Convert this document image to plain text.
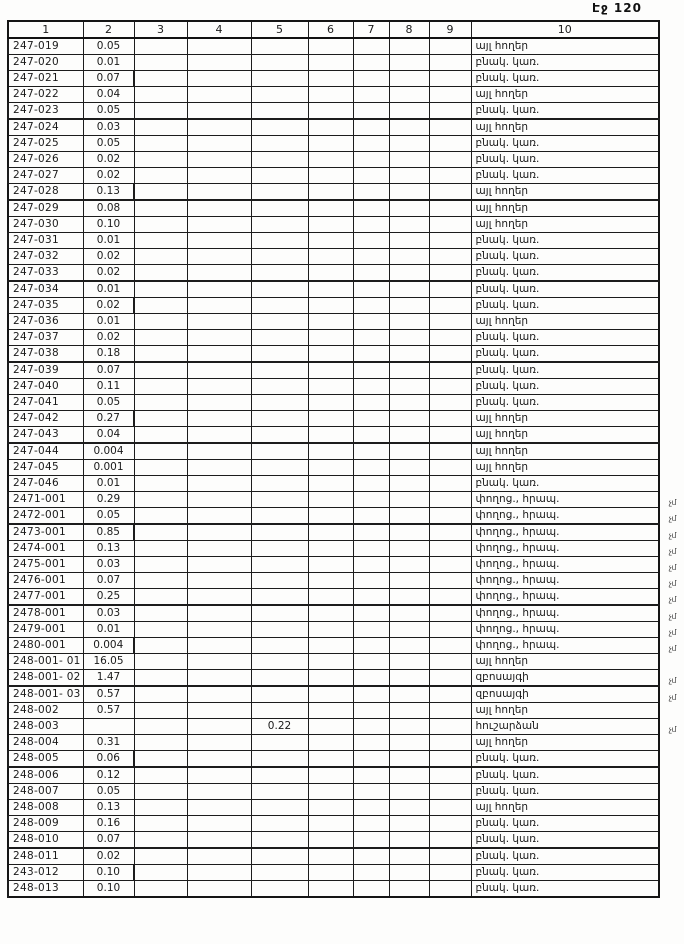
Էջ 120
1	2	3	4	5	6	7	8	9	10
247-019	0.05								այլ հողեր
247-020	0.01								բնակ. կառ.
247-021	0.07								բնակ. կառ.
247-022	0.04								այլ հողեր
247-023	0.05								բնակ. կառ.
247-024	0.03								այլ հողեր
247-025	0.05								բնակ. կառ.
247-026	0.02								բնակ. կառ.
247-027	0.02								բնակ. կառ.
247-028	0.13								այլ հողեր
247-029	0.08								այլ հողեր
247-030	0.10								այլ հողեր
247-031	0.01								բնակ. կառ.
247-032	0.02								բնակ. կառ.
247-033	0.02								բնակ. կառ.
247-034	0.01								բնակ. կառ.
247-035	0.02								բնակ. կառ.
247-036	0.01								այլ հողեր
247-037	0.02								բնակ. կառ.
247-038	0.18								բնակ. կառ.
247-039	0.07								բնակ. կառ.
247-040	0.11								բնակ. կառ.
247-041	0.05								բնակ. կառ.
247-042	0.27								այլ հողեր
247-043	0.04								այլ հողեր
247-044	0.004								այլ հողեր
247-045	0.001								այլ հողեր
247-046	0.01								բնակ. կառ.
2471-001	0.29								փողոց., հրապ. չմ

2472-001	0.05								փողոց., հրապ. չմ

2473-001	0.85								փողոց., հրապ. չմ

2474-001	0.13								փողոց., հրապ. չմ

2475-001	0.03								փողոց., հրապ. չմ

2476-001	0.07								փողոց., հրապ. չմ

2477-001	0.25								փողոց., հրապ. չմ

2478-001	0.03								փողոց., հրապ. չմ

2479-001	0.01								փողոց., հրապ. չմ

2480-001	0.004								փողոց., հրապ. չմ

248-001- 01	16.05								այլ հողեր
248-001- 02	1.47								զբոսայգի չմ

248-001- 03	0.57								զբոսայգի չմ

248-002	0.57								այլ հողեր
248-003				0.22					հուշարձան չմ

248-004	0.31								այլ հողեր
248-005	0.06								բնակ. կառ.
248-006	0.12								բնակ. կառ.
248-007	0.05								բնակ. կառ.
248-008	0.13								այլ հողեր
248-009	0.16								բնակ. կառ.
248-010	0.07								բնակ. կառ.
248-011	0.02								բնակ. կառ.
243-012	0.10								բնակ. կառ.
248-013	0.10								բնակ. կառ.
